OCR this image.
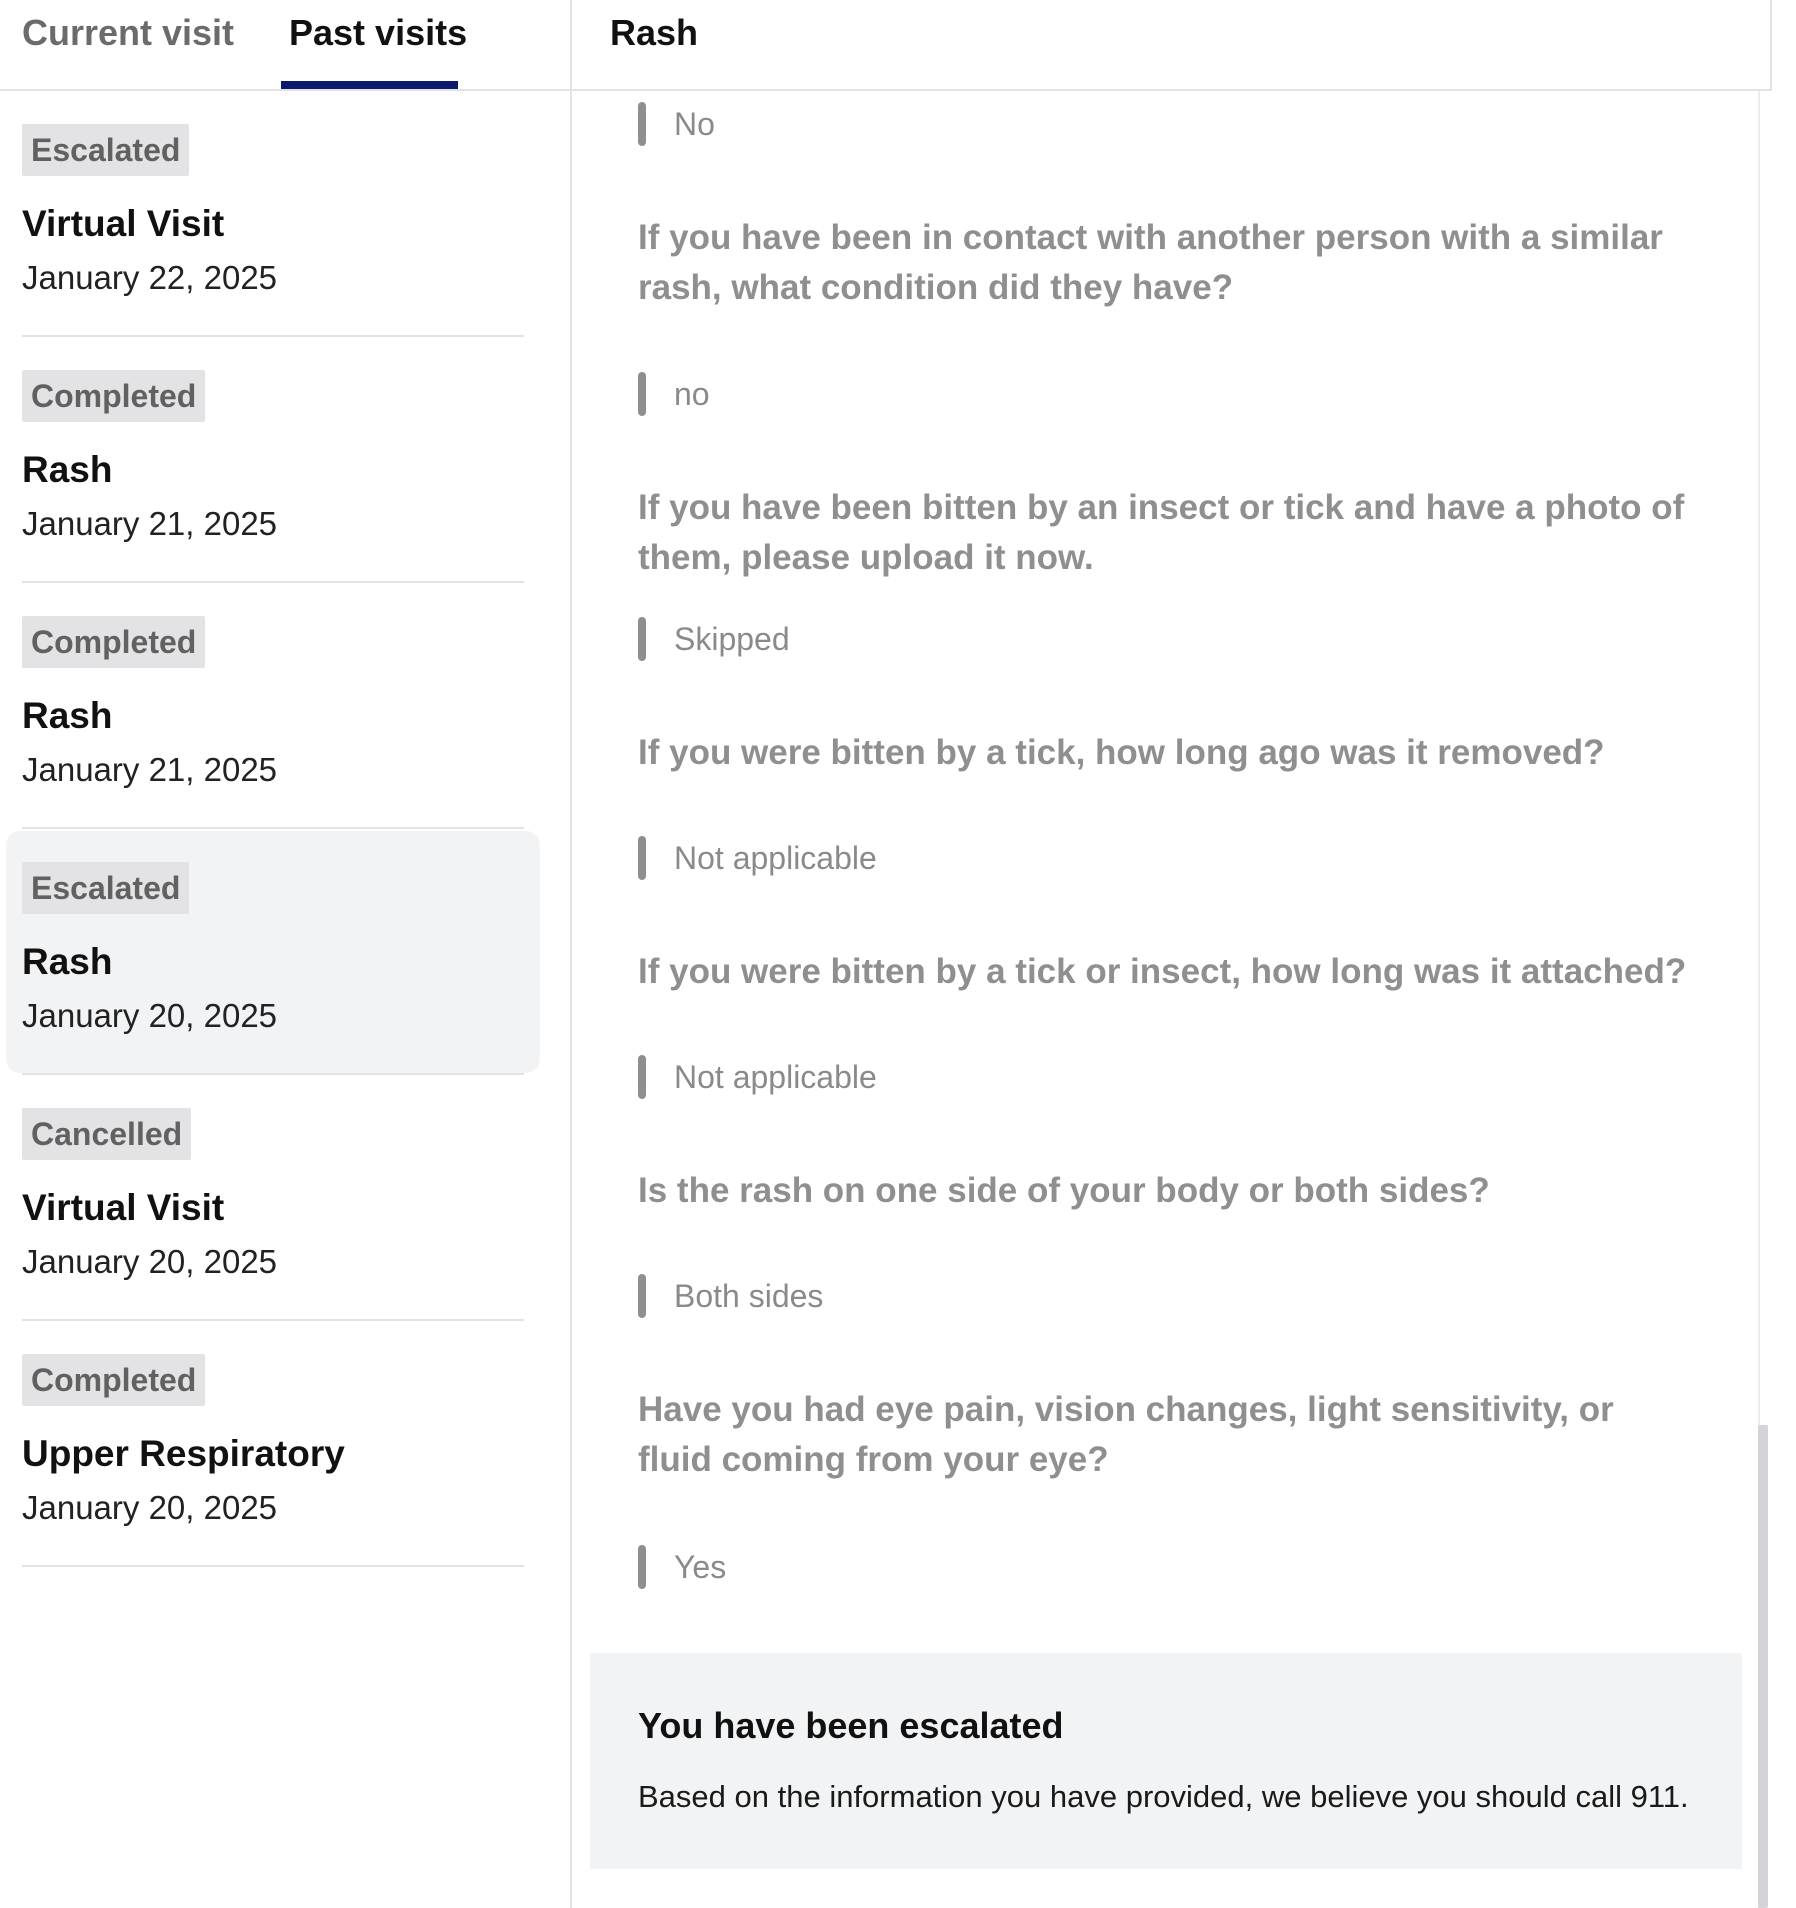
Current visit Past visits
Escalated
Virtual Visit
January 22, 2025
Completed
Rash
January 21, 2025
Completed
Rash
January 21, 2025
Escalated
Rash
January 20, 2025
Cancelled
Virtual Visit
January 20, 2025
Completed
Upper Respiratory
January 20, 2025
Rash
No
If you have been in contact with another person with a similar rash, what condition did they have?
no
If you have been bitten by an insect or tick and have a photo of them, please upload it now.
Skipped
If you were bitten by a tick, how long ago was it removed?
Not applicable
If you were bitten by a tick or insect, how long was it attached?
Not applicable
Is the rash on one side of your body or both sides?
Both sides
Have you had eye pain, vision changes, light sensitivity, or fluid coming from your eye?
Yes
You have been escalated
Based on the information you have provided, we believe you should call 911.
